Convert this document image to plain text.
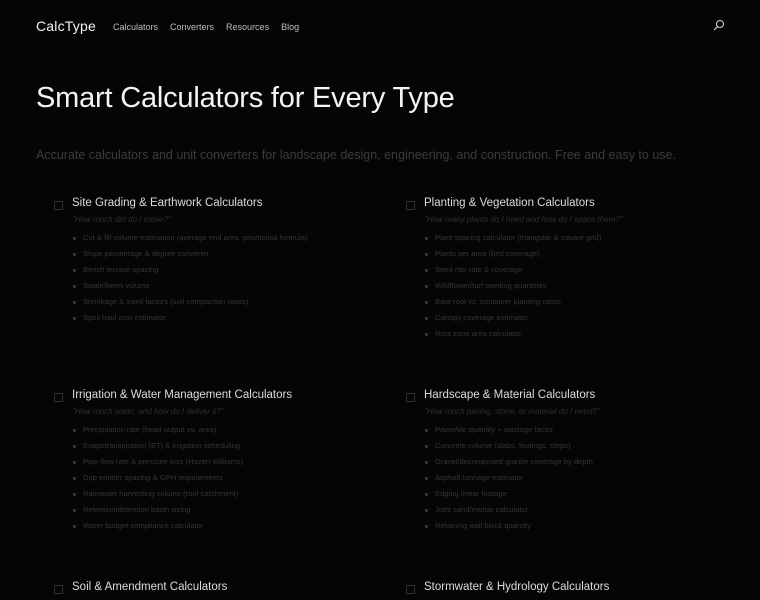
CalcType Calculators Converters Resources Blog
Smart Calculators for Every Type

Accurate calculators and unit converters for landscape design, engineering, and construction. Free and easy to use.

Site Grading & Earthwork Calculators
"How much dirt do I move?"
Cut & fill volume estimation (average end area, prismoidal formula)
Slope percentage & degree converter
Bench terrace spacing
Swale/berm volume
Shrinkage & swell factors (soil compaction ratios)
Spoil haul cost estimator
Planting & Vegetation Calculators
"How many plants do I need and how do I space them?"
Plant spacing calculator (triangular & square grid)
Plants per area (bed coverage)
Seed mix rate & coverage
Wildflower/turf seeding quantities
Bare root vs. container planting ratios
Canopy coverage estimator
Root zone area calculator
Irrigation & Water Management Calculators
"How much water, and how do I deliver it?"
Precipitation rate (head output vs. area)
Evapotranspiration (ET) & irrigation scheduling
Pipe flow rate & pressure loss (Hazen-Williams)
Drip emitter spacing & GPH requirements
Rainwater harvesting volume (roof catchment)
Retention/detention basin sizing
Water budget compliance calculator
Hardscape & Material Calculators
"How much paving, stone, or material do I need?"
Paver/tile quantity + wastage factor
Concrete volume (slabs, footings, steps)
Gravel/decomposed granite coverage by depth
Asphalt tonnage estimator
Edging linear footage
Joint sand/mortar calculator
Retaining wall block quantity
Soil & Amendment Calculators	Stormwater & Hydrology Calculators
